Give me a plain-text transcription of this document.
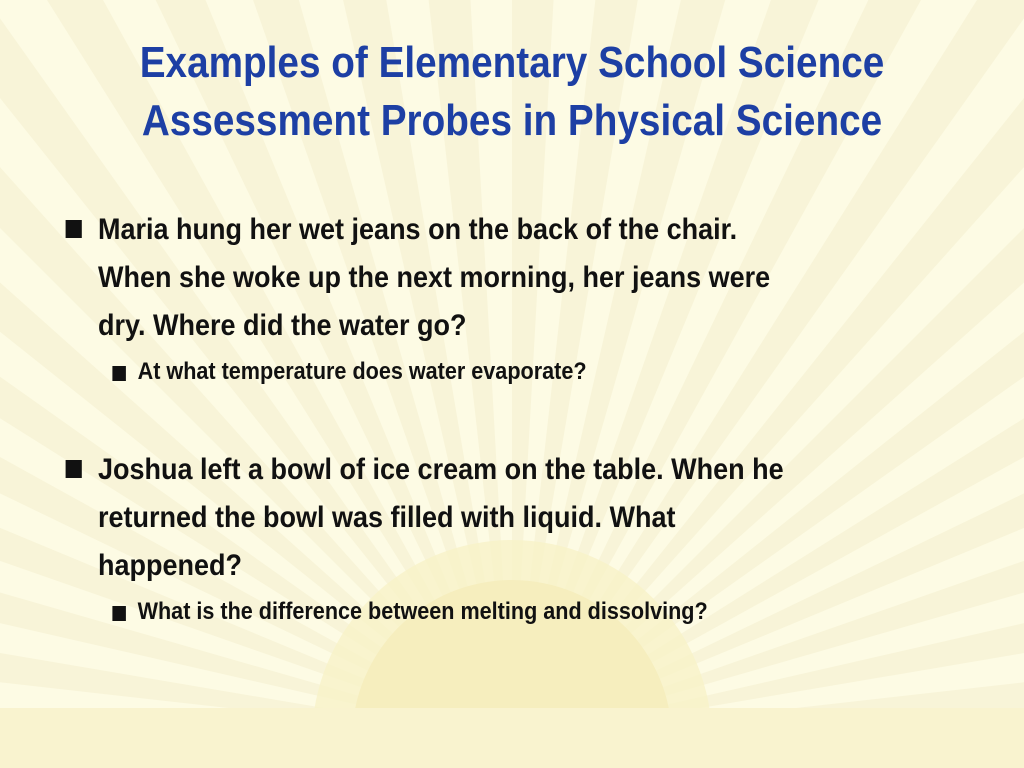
Examples of Elementary School Science
Assessment Probes in Physical Science
Maria hung her wet jeans on the back of the chair.
When she woke up the next morning, her jeans were
dry. Where did the water go?
At what temperature does water evaporate?
Joshua left a bowl of ice cream on the table. When he
returned the bowl was filled with liquid. What
happened?
What is the difference between melting and dissolving?
